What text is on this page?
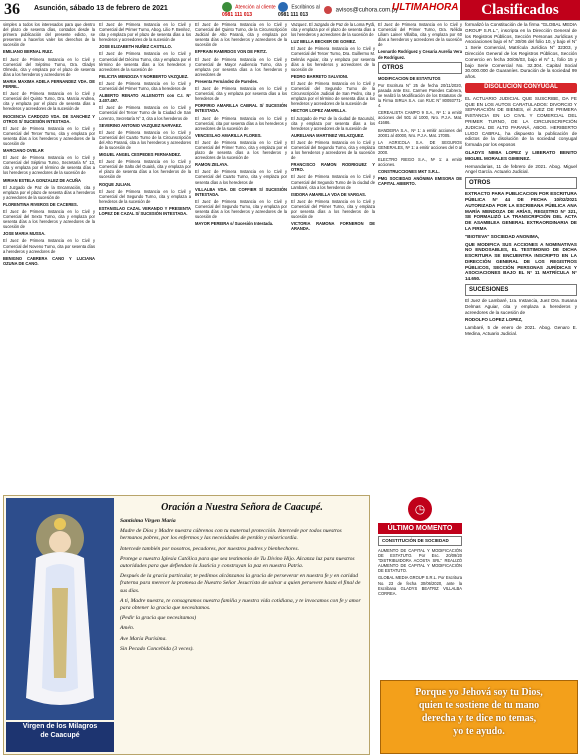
36 Asunción, sábado 13 de febrero de 2021	Atención al cliente
0981 111 013
Escribinos al
0981 111 013
avisos@cuhora.com.py
ULTIMAHORA	Clasificados

simples a todos los interesados para que dentro del plazo de sesenta días, contados desde la primera publicación del presente edicto, se presenten a hacerlos valer los derechos de la sucesión de

EMILIANO BERNAL RUIZ.

El Juez de Primera Instancia en lo Civil y Comercial del Séptimo Turno, Dra. Gladys Olmedo, cita y emplaza por el plazo de sesenta días a los herederos y acreedores de

MARIA MAXIMA ADELA FERNANDEZ VDA. DE FERRIL.

El Juez de Primera Instancia en lo Civil y Comercial del Quinto Turno, Dra. Marcia Andrea, cita y emplaza por el plazo de sesenta días a herederos y acreedores de la sucesión de

INOCENCIA CARDOZO VDA. DE SANCHEZ Y OTROS S/ SUCESIÓN INTESTADA.

El Juez de Primera Instancia en lo Civil y Comercial del Tercer Turno, cita y emplaza por sesenta días a los herederos y acreedores de la sucesión de

MARCIANO OVELAR

El Juez de Primera Instancia en lo Civil y Comercial del Séptimo Turno, Secretaría N° 13, cita y emplaza por el término de sesenta días a los herederos y acreedores de la sucesión de

MIRIAN ESTELA GONZALEZ DE ACUÑA

El Juzgado de Paz de la Encarnación, cita y emplaza por el plazo de sesenta días a herederos y acreedores de la sucesión de

FLORENTINA RIVEROS DE CACERES.

El Juez de Primera Instancia en lo Civil y Comercial del Sexto Turno, cita y emplaza por sesenta días a los herederos y acreedores de la sucesión de

JOSE MARIA MUSSA.

El Juez de Primera Instancia en lo Civil y Comercial del Noveno Turno, cita por sesenta días a herederos y acreedores de

BENIGNO CABRERA CANO Y LUCIANA OZUNA DE CANO.

El Juez de Primera Instancia en lo Civil y Comercial del Primer Turno, Abog. Lilio F. Benítez, cita y emplaza por el plazo de sesenta días a los herederos y acreedores de la sucesión de

JOSE ELIZABETH NUÑEZ CASTILLO.

El Juez de Primera Instancia en lo Civil y Comercial del Décimo Turno, cita y emplaza por el término de sesenta días a los herederos y acreedores de la sucesión de

FELICITA MENDOZA Y NORBERTO VAZQUEZ.

El Juez de Primera Instancia en lo Civil y Comercial del Primer Turno, cita a herederos de

ALBERTO RENATO ALLENOTTI con C.I. N° 3.407.497.

El Juez de Primera Instancia en lo Civil y Comercial del Tercer Turno de la Ciudad de San Lorenzo, Secretaría N° 3, cita a los herederos de

SEVERINO ANTONIO VAZQUEZ NARVAEZ.

El Juez de Primera Instancia en lo Civil y Comercial del Cuarto Turno de la Circunscripción del Alto Paraná, cita a los herederos y acreedores de la sucesión de

MIGUEL ANGEL CESPEDES FERNANDEZ.

El Juez de Primera Instancia en lo Civil y Comercial de Salto del Guairá, cita y emplaza por el plazo de sesenta días a los herederos de la sucesión de

ROQUE JULIAN.

El Juez de Primera Instancia en lo Civil y Comercial del Segundo Turno, cita y emplaza a herederos de la sucesión de

ESTANISLAO CAZAL VERANDO Y PRESENTA LOPEZ DE CAZAL S/ SUCESIÓN INTESTADA.

El Juez de Primera Instancia en lo Civil y Comercial del Quinto Turno, de la Circunscripción Judicial de Alto Paraná, cita y emplaza por sesenta días a los herederos y acreedores de la sucesión de

EFFRAIN RAMIRDOS VON DE FRITZ.

El Juez de Primera Instancia en lo Civil y Comercial de Mayor Audiencia Turno, cita y emplaza por sesenta días a los herederos y acreedores de

Presenta Fernández de Paredes.

El Juez de Primera Instancia en lo Civil y Comercial, cita y emplaza por sesenta días a los herederos de

PORFIRIO AMARILLA CABRAL S/ SUCESIÓN INTESTADA.

El Juez de Primera Instancia en lo Civil y Comercial, cita por sesenta días a los herederos y acreedores de la sucesión de

VENCESLAO AMARILLA FLORES.

El Juez de Primera Instancia en lo Civil y Comercial del Primer Turno, cita y emplaza por el plazo de sesenta días a los herederos y acreedores de la sucesión de

RAMON ZELAYA.

El Juez de Primera Instancia en lo Civil y Comercial del Cuarto Turno, cita y emplaza por sesenta días a los herederos de

VILLALBA VDA. DE COFFIER S/ SUCESIÓN INTESTADA.

El Juez de Primera Instancia en lo Civil y Comercial del Segundo Turno, cita y emplaza por sesenta días a los herederos y acreedores de la sucesión de

MAYOR PEREIRA s/ Sucesión Intestada.

Vazquez. El Juzgado de Paz de la Loma Pytã, cita y emplaza por el plazo de sesenta días a los herederos y acreedores de la sucesión de

LUZ BELLA BECKER DE GOMEZ.

El Juez de Primera Instancia en lo Civil y Comercial del Tercer Turno, Dra. Guillermo M. Delmás Aguiar, cita y emplaza por sesenta días a los herederos y acreedores de la sucesión de

PEDRO BARRETO SALVIONI.

El Juez de Primera Instancia en lo Civil y Comercial del Segundo Turno de la Circunscripción Judicial de San Pedro, cita y emplaza por el término de sesenta días a los herederos y acreedores de la sucesión de

HECTOR LOPEZ AMARILLA.

El Juzgado de Paz de la ciudad de Itacurubí, cita y emplaza por sesenta días a los herederos y acreedores de la sucesión de

AURELIANA MARTINEZ VELAZQUEZ.

El Juez de Primera Instancia en lo Civil y Comercial del Segundo Turno, cita y emplaza a los herederos y acreedores de la sucesión de

FRANCISCO RAMON RODRIGUEZ Y OTRO.

El Juez de Primera Instancia en lo Civil y Comercial del Segundo Turno de la ciudad de Lambaré, cita a los herederos de

ISIDORA AMARILLA VDA DE VARGAS.

El Juez de Primera Instancia en lo Civil y Comercial del Primer Turno, cita y emplaza por sesenta días a los herederos de la sucesión de

VICTORIA RAMONA FORNERON DE ARANDA.

El Juez de Primera Instancia en lo Civil y Comercial del Primer Turno, Dra. Nélida Liliam Lainer Villalba, cita y emplaza por 60 días a herederos y acreedores de la sucesión de

Leonardo Rodriguez y Cesaria Aurelia Vera de Rodriguez.

OTROS

MODIFICACION DE ESTATUTOS

Por Escritura N° 25 de fecha 20/11/2020, pasada ante Esc. Carmen Paredes Cabrera, se realizó la Modificación de los Estatutos de la Firma SIRUA S.A. con RUC N° 80093771-4.

CEREALISTA CAMPO 9 S.A., Nº 1: a emitir acciones del 501 al 1000, Nro. P.J.A. Mat. 41686.

BANDEIRA S.A., Nº 1: a emitir acciones del 20001 al 40000, Nro. P.J.A. Mat. 17005.

LA AGRICOLA S.A. DE SEGUROS GENERALES, Nº 1: a emitir acciones del 0 al 2000.

ELECTRO RIEGO S.A., Nº 1: a emitir acciones.

CONSTRUCCIONES MKT S.R.L.

PMG SOCIEDAD ANÓNIMA EMISORA DE CAPITAL ABIERTO.

formalizó la Constitución de la firma "GLOBAL MEDIA GROUP S.R.L.", inscripta en la Dirección General de los Registros Públicos, Sección Personas Jurídicas y Asociaciones bajo el N° 30/06 del folio 10, y bajo el N° 1 Serie Comercial, Matrícula Jurídica N° 32303, y Dirección General de los Registros Públicos, Sección Comercio en fecha 30/06/03, bajo el N° 1, folio 15 y bajo Serie Comercial No. 32.304. Capital Social 30.000.000 de Guaraníes. Duración de la sociedad 99 años.

DISOLUCIÓN CONYUGAL

EL ACTUARIO JUDICIAL QUE SUSCRIBE, DA FE QUE EN LOS AUTOS CARATULADOS: DIVORCIO Y SEPARACIÓN DE BIENES, el JUEZ DE PRIMERA INSTANCIA EN LO CIVIL Y COMERCIAL DEL PRIMER TURNO, DE LA CIRCUNSCRIPCIÓN JUDICIAL DE ALTO PARANÁ, ABOG. HERIBERTO LUGO CABRAL, ha dispuesto la publicación de edictos de la disolución de la sociedad conyugal formada por los esposos

GLADYS NIMIA LOPEZ y LIBERATO BENITO MIGUEL MORALES GIMENEZ.

Hernandarias, 11 de febrero de 2021. Abog. Miguel Angel García. Actuario Judicial.

OTROS

EXTRACTO PARA PUBLICACION POR ESCRITURA PÚBLICA N° 44 DE FECHA 10/02/2021 AUTORIZADA POR LA ESCRIBANA PÚBLICA ANA MARÍA MENDOZA DE ARÍAS, REGISTRO N° 321, SE FORMALIZÓ LA TRANSCRIPCIÓN DEL ACTA DE ASAMBLEA GENERAL EXTRAORDINARIA DE LA FIRMA

"BIOTEVA" SOCIEDAD ANONIMA,

QUE MODIFICA SUS ACCIONES A NOMINATIVAS NO ENDOSABLES, EL TESTIMONIO DE DICHA ESCRITURA SE ENCUENTRA INSCRIPTO EN LA DIRECCIÓN GENERAL DE LOS REGISTROS PÚBLICOS, SECCIÓN PERSONAS JURÍDICAS Y ASOCIACIONES BAJO EL N° 11 MATRÍCULA N° 14.650.

SUCESIONES

El Juez de Lambaré, 1ra. Instancia, Juez Dra. Susana Delmas Aguiar, cita y emplaza a herederos y acreedores de la sucesión de

RODOLFO LOPEZ LOPEZ,

Lambaré, 5 de enero de 2021. Abog. Genaro E. Medina, Actuario Judicial.

Virgen de los Milagros
de Caacupé
Oración a Nuestra Señora de Caacupé.

Santísima Virgen María

Madre de Dios y Madre nuestra cúbrenos con tu maternal protección. Intercede por todos nuestros hermanos pobres, por los enfermos y las necesidades de perdón y misericordia.

Intercede también por nosotros, pecadores, por nuestros padres y bienhechores.

Protege a nuestra Iglesia Católica para que sea testimonio de Tu Divino Hijo. Alcanza luz para nuestros autoridades para que defiendan la Justicia y construyan la paz en nuestra Patria.

Después de la gracia particular, te pedimos alcánzanos la gracia de perseverar en nuestra fe y en caridad fraterna para merecer la promesa de Nuestro Señor Jesucristo de salvar a quien persevere hasta el final de sus días.

A ti, Madre nuestra, te consagramos nuestra familia y nuestra vida cotidiana, y te invocamos con fe y amor para obtener la gracia que necesitamos.

(Pedir la gracia que necesitamos)

Amén.

Ave María Purísima.

Sin Pecado Concebida (3 veces).

◷
ÚLTIMO MOMENTO
CONSTITUCIÓN DE SOCIEDAD

AUMENTO DE CAPITAL Y MODIFICACIÓN DE ESTATUTO. Por Esc. 20/09/20 "DISTRIBUIDORA ACOSTA SRL" REALIZÓ AUMENTO DE CAPITAL Y MODIFICACIÓN DE ESTATUTO.

GLOBAL MEDIA GROUP S.R.L. Por Escritura No. 23 de fecha 30/06/2020, ante la Escribana GLADYS BEATRIZ VILLALBA CORREA.

Porque yo Jehová soy tu Dios,
quien te sostiene de tu mano
derecha y te dice no temas,
yo te ayudo.
